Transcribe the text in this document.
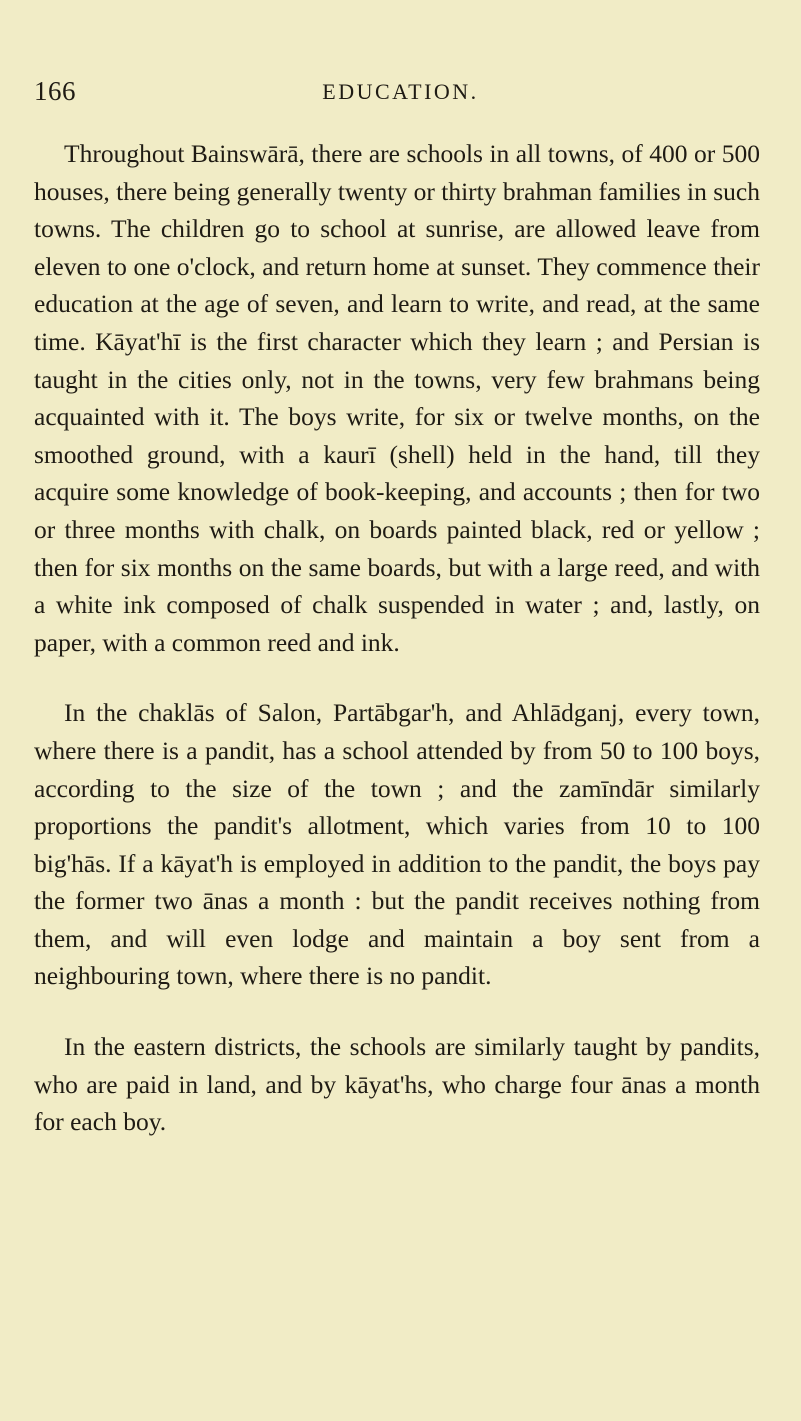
166	EDUCATION.

Throughout Bainswārā, there are schools in all towns, of 400 or 500 houses, there being generally twenty or thirty brahman families in such towns. The children go to school at sunrise, are allowed leave from eleven to one o'clock, and return home at sunset. They commence their education at the age of seven, and learn to write, and read, at the same time. Kāyat'hī is the first character which they learn ; and Persian is taught in the cities only, not in the towns, very few brahmans being acquainted with it. The boys write, for six or twelve months, on the smoothed ground, with a kaurī (shell) held in the hand, till they acquire some knowledge of book-keeping, and accounts ; then for two or three months with chalk, on boards painted black, red or yellow ; then for six months on the same boards, but with a large reed, and with a white ink composed of chalk suspended in water ; and, lastly, on paper, with a common reed and ink.

In the chaklās of Salon, Partābgar'h, and Ahlādganj, every town, where there is a pandit, has a school attended by from 50 to 100 boys, according to the size of the town ; and the zamīndār similarly proportions the pandit's allotment, which varies from 10 to 100 big'hās. If a kāyat'h is employed in addition to the pandit, the boys pay the former two ānas a month : but the pandit receives nothing from them, and will even lodge and maintain a boy sent from a neighbouring town, where there is no pandit.

In the eastern districts, the schools are similarly taught by pandits, who are paid in land, and by kāyat'hs, who charge four ānas a month for each boy.
